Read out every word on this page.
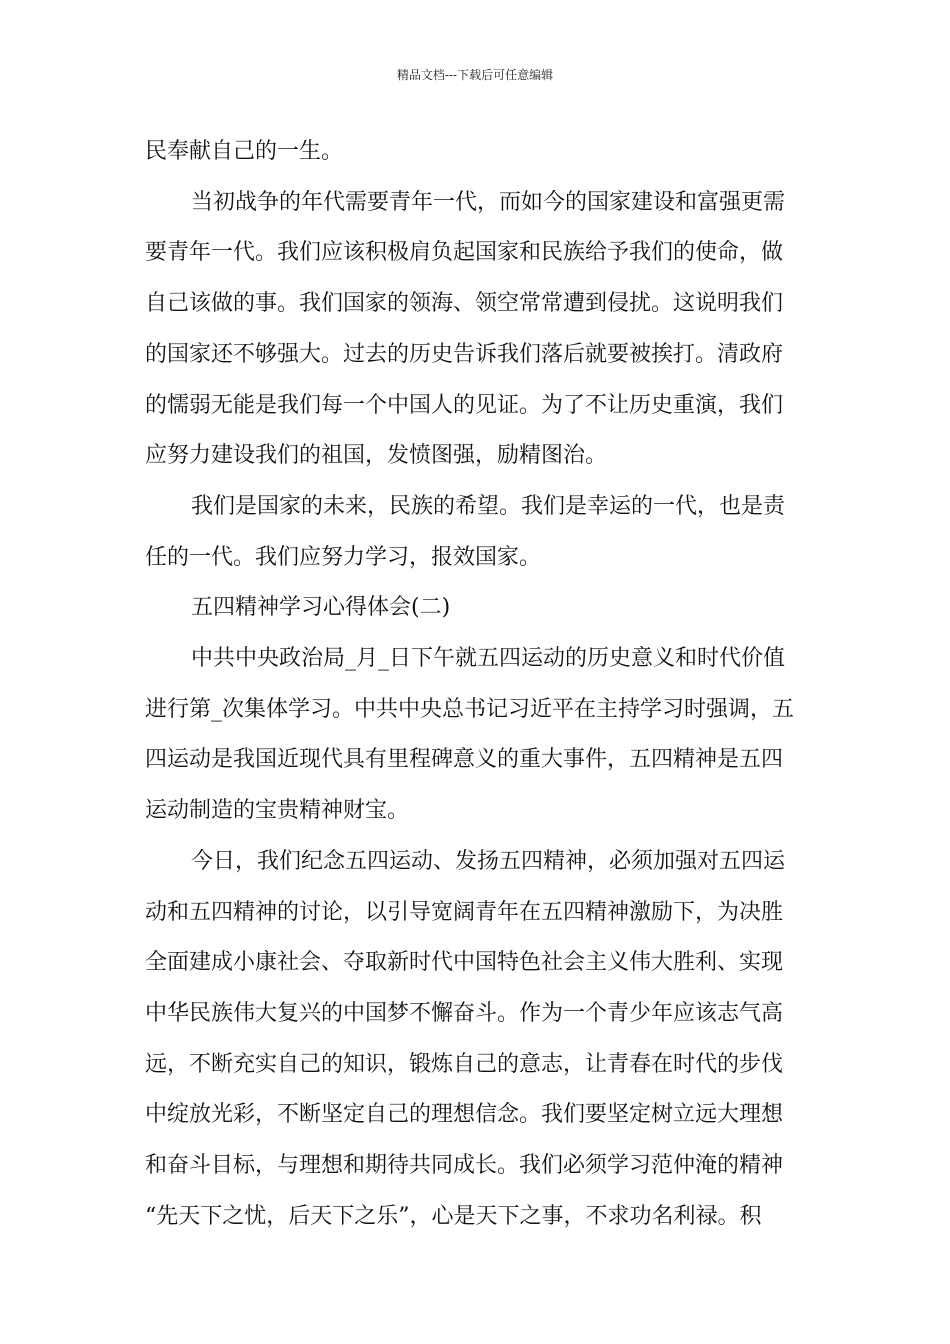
精品文档---下载后可任意编辑

民奉献自己的一生。

当初战争的年代需要青年一代，而如今的国家建设和富强更需

要青年一代。我们应该积极肩负起国家和民族给予我们的使命，做

自己该做的事。我们国家的领海、领空常常遭到侵扰。这说明我们

的国家还不够强大。过去的历史告诉我们落后就要被挨打。清政府

的懦弱无能是我们每一个中国人的见证。为了不让历史重演，我们

应努力建设我们的祖国，发愤图强，励精图治。

我们是国家的未来，民族的希望。我们是幸运的一代，也是责

任的一代。我们应努力学习，报效国家。

五四精神学习心得体会(二)

中共中央政治局_月_日下午就五四运动的历史意义和时代价值

进行第_次集体学习。中共中央总书记习近平在主持学习时强调，五

四运动是我国近现代具有里程碑意义的重大事件，五四精神是五四

运动制造的宝贵精神财宝。

今日，我们纪念五四运动、发扬五四精神，必须加强对五四运

动和五四精神的讨论，以引导宽阔青年在五四精神激励下，为决胜

全面建成小康社会、夺取新时代中国特色社会主义伟大胜利、实现

中华民族伟大复兴的中国梦不懈奋斗。作为一个青少年应该志气高

远，不断充实自己的知识，锻炼自己的意志，让青春在时代的步伐

中绽放光彩，不断坚定自己的理想信念。我们要坚定树立远大理想

和奋斗目标，与理想和期待共同成长。我们必须学习范仲淹的精神

“先天下之忧，后天下之乐”，心是天下之事，不求功名利禄。积
